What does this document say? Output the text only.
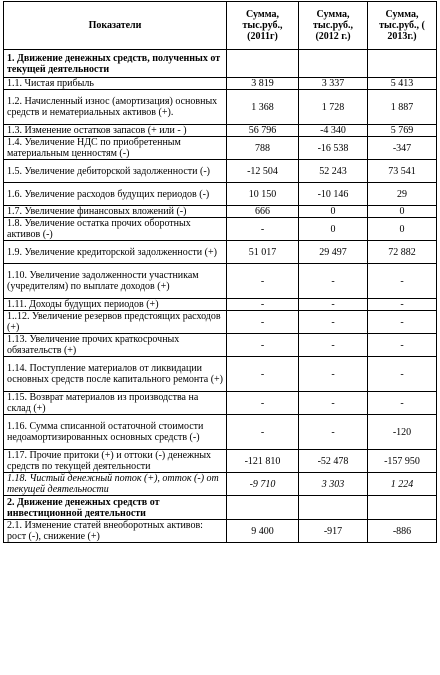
Показатели	Сумма, тыс.руб., (2011г)	Сумма, тыс.руб., (2012 г.)	Сумма, тыс.руб., ( 2013г.)
1. Движение денежных средств, полученных от текущей деятельности			
1.1. Чистая прибыль	3 819	3 337	5 413
1.2. Начисленный износ (амортизация) основных средств и нематериальных активов (+).	1 368	1 728	1 887
1.3. Изменение остатков запасов (+ или - )	56 796	-4 340	5 769
1.4. Увеличение НДС по приобретенным материальным ценностям (-)	788	-16 538	-347
1.5. Увеличение дебиторской задолженности (-)	-12 504	52 243	73 541
1.6. Увеличение расходов будущих периодов (-)	10 150	-10 146	29
1.7. Увеличение финансовых вложений (-)	666	0	0
1.8. Увеличение остатка прочих оборотных активов (-)	-	0	0
1.9. Увеличение кредиторской задолженности (+)	51 017	29 497	72 882
1.10. Увеличение задолженности участникам (учредителям) по выплате доходов (+)	-	-	-
1.11. Доходы будущих периодов (+)	-	-	-
1..12. Увеличение резервов предстоящих расходов (+)	-	-	-
1.13. Увеличение прочих краткосрочных обязательств (+)	-	-	-
1.14. Поступление материалов от ликвидации основных средств после капитального ремонта (+)	-	-	-
1.15. Возврат материалов из производства на склад (+)	-	-	-
1.16. Сумма списанной остаточной стоимости недоамортизированных основных средств (-)	-	-	-120
1.17. Прочие притоки (+) и оттоки (-) денежных средств по текущей деятельности	-121 810	-52 478	-157 950
1.18. Чистый денежный поток (+), отток (-) от текущей деятельности	-9 710	3 303	1 224
2. Движение денежных средств от инвестиционной деятельности			
2.1. Изменение статей внеоборотных активов: рост (-), снижение (+)	9 400	-917	-886
